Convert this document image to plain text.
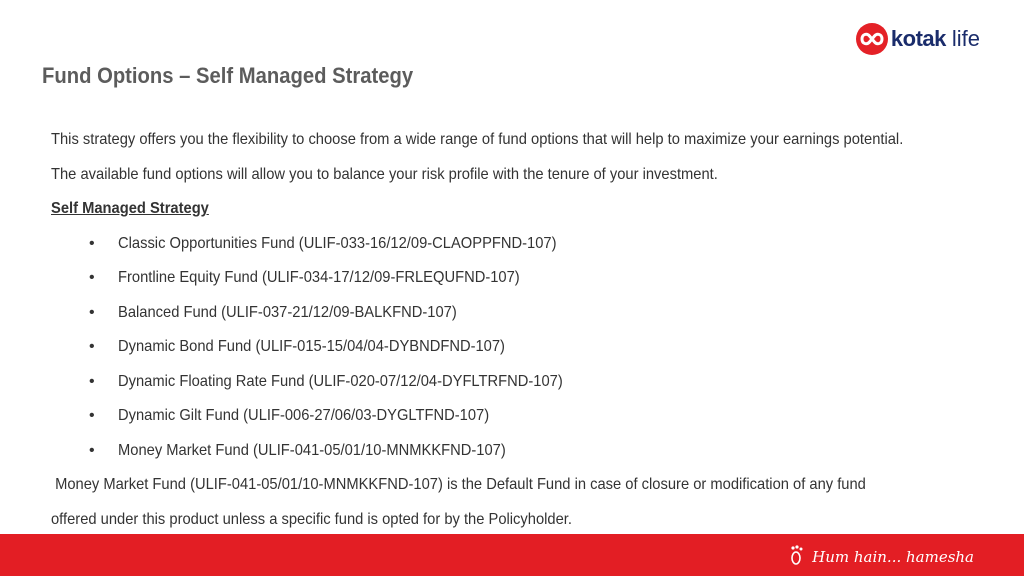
kotak life
Fund Options – Self Managed Strategy
This strategy offers you the flexibility to choose from a wide range of fund options that will help to maximize your earnings potential.
The available fund options will allow you to balance your risk profile with the tenure of your investment.
Self Managed Strategy
•	Classic Opportunities Fund (ULIF-033-16/12/09-CLAOPPFND-107)
•	Frontline Equity Fund (ULIF-034-17/12/09-FRLEQUFND-107)
•	Balanced Fund (ULIF-037-21/12/09-BALKFND-107)
•	Dynamic Bond Fund (ULIF-015-15/04/04-DYBNDFND-107)
•	Dynamic Floating Rate Fund (ULIF-020-07/12/04-DYFLTRFND-107)
•	Dynamic Gilt Fund (ULIF-006-27/06/03-DYGLTFND-107)
•	Money Market Fund (ULIF-041-05/01/10-MNMKKFND-107)
Money Market Fund (ULIF-041-05/01/10-MNMKKFND-107) is the Default Fund in case of closure or modification of any fund
offered under this product unless a specific fund is opted for by the Policyholder.
Hum hain... hamesha
